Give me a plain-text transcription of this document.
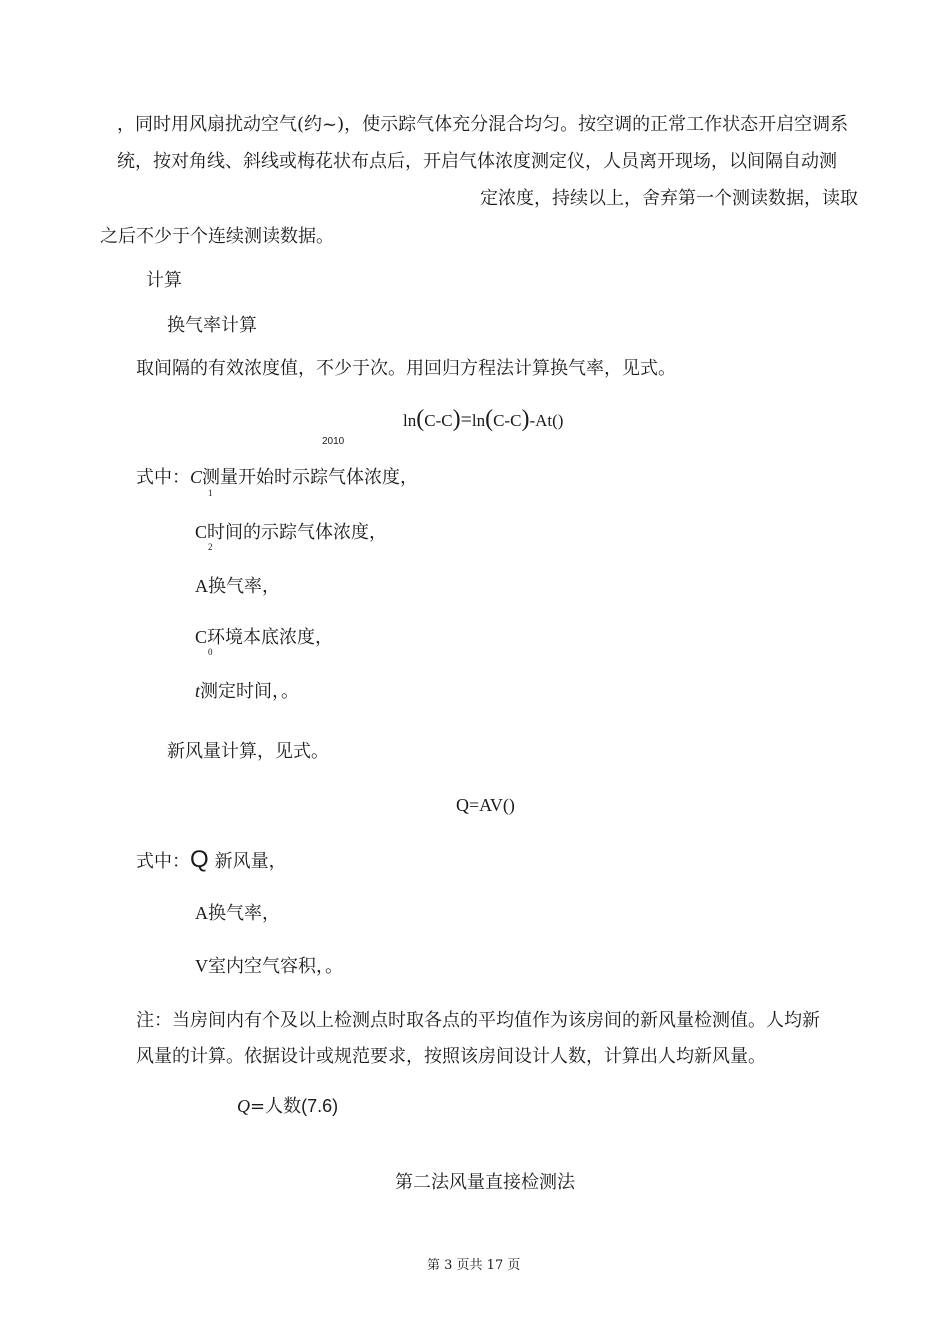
，同时用风扇扰动空气(约~)，使示踪气体充分混合均匀。按空调的正常工作状态开启空调系
统，按对角线、斜线或梅花状布点后，开启气体浓度测定仪，人员离开现场，以间隔自动测
定浓度，持续以上，舍弃第一个测读数据，读取
之后不少于个连续测读数据。
计算
换气率计算
取间隔的有效浓度值，不少于次。用回归方程法计算换气率，见式。
ln(C-C)=ln(C-C)-At()
2010
式中：C测量开始时示踪气体浓度，
1
C时间的示踪气体浓度，
2
A换气率，
C环境本底浓度，
0
t测定时间，。
新风量计算，见式。
Q=AV()
式中：Q 新风量，
A换气率，
V室内空气容积，。
注：当房间内有个及以上检测点时取各点的平均值作为该房间的新风量检测值。人均新
风量的计算。依据设计或规范要求，按照该房间设计人数，计算出人均新风量。
Q=人数(7.6)
第二法风量直接检测法
第 3 页共 17 页
